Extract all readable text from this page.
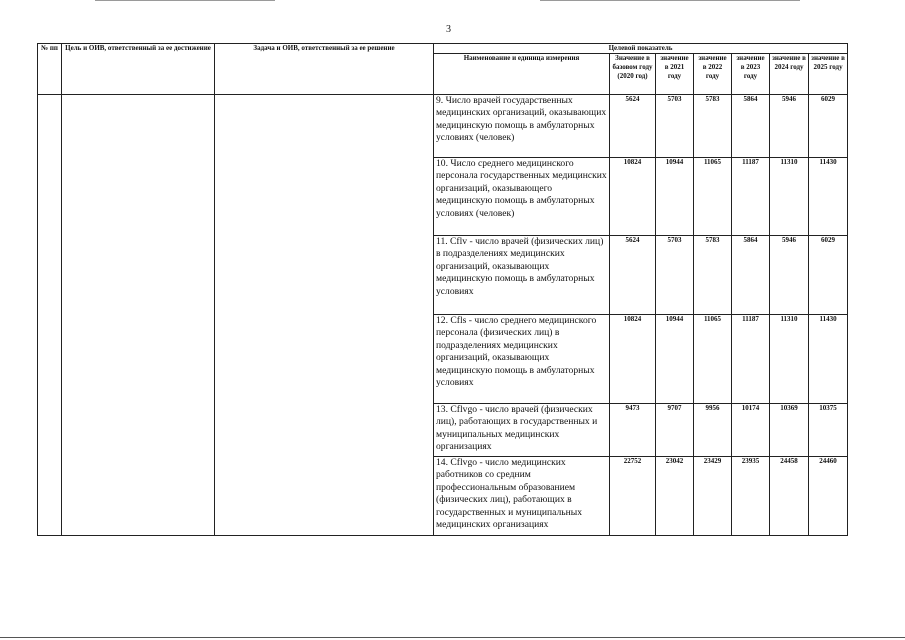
3
№ пп	Цель и ОИВ, ответственный за ее достижение	Задача и ОИВ, ответственный за ее решение	Целевой показатель						
			Наименование и единица измерения	Значение в базовом году (2020 год)	значение в 2021 году	значение в 2022 году	значение в 2023 году	значение в 2024 году	значение в 2025 году
			9. Число врачей государственных медицинских организаций, оказывающих медицинскую помощь в амбулаторных условиях (человек)	5624	5703	5783	5864	5946	6029
			10. Число среднего медицинского персонала государственных медицинских организаций, оказывающего медицинскую помощь в амбулаторных условиях (человек)	10824	10944	11065	11187	11310	11430
			11. Cflv - число врачей (физических лиц) в подразделениях медицинских организаций, оказывающих медицинскую помощь в амбулаторных условиях	5624	5703	5783	5864	5946	6029
			12. Cfls - число среднего медицинского персонала (физических лиц) в подразделениях медицинских организаций, оказывающих медицинскую помощь в амбулаторных условиях	10824	10944	11065	11187	11310	11430
			13. Cflvgo - число врачей (физических лиц), работающих в государственных и муниципальных медицинских организациях	9473	9707	9956	10174	10369	10375
			14. Cflvgo - число медицинских работников со средним профессиональным образованием (физических лиц), работающих в государственных и муниципальных медицинских организациях	22752	23042	23429	23935	24458	24460
